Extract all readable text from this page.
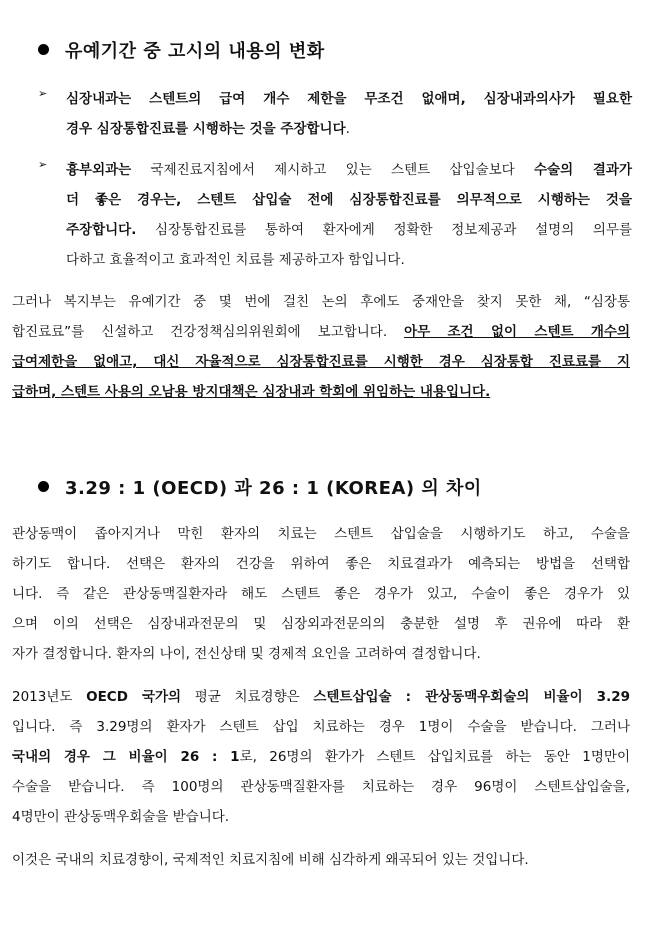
유예기간 중 고시의 내용의 변화
➢ 심장내과는 스텐트의 급여 개수 제한을 무조건 없애며, 심장내과의사가 필요한
경우 심장통합진료를 시행하는 것을 주장합니다.
➢ 흉부외과는 국제진료지침에서 제시하고 있는 스텐트 삽입술보다 수술의 결과가
더 좋은 경우는, 스텐트 삽입술 전에 심장통합진료를 의무적으로 시행하는 것을
주장합니다. 심장통합진료를 통하여 환자에게 정확한 정보제공과 설명의 의무를
다하고 효율적이고 효과적인 치료를 제공하고자 함입니다.
그러나 복지부는 유예기간 중 몇 번에 걸친 논의 후에도 중재안을 찾지 못한 채, “심장통
합진료료”를 신설하고 건강정책심의위원회에 보고합니다. 아무 조건 없이 스텐트 개수의
급여제한을 없애고, 대신 자율적으로 심장통합진료를 시행한 경우 심장통합 진료료를 지
급하며, 스텐트 사용의 오남용 방지대책은 심장내과 학회에 위임하는 내용입니다.
3.29 : 1 (OECD) 과 26 : 1 (KOREA) 의 차이
관상동맥이 좁아지거나 막힌 환자의 치료는 스텐트 삽입술을 시행하기도 하고, 수술을
하기도 합니다. 선택은 환자의 건강을 위하여 좋은 치료결과가 예측되는 방법을 선택합
니다. 즉 같은 관상동맥질환자라 해도 스텐트 좋은 경우가 있고, 수술이 좋은 경우가 있
으며 이의 선택은 심장내과전문의 및 심장외과전문의의 충분한 설명 후 권유에 따라 환
자가 결정합니다. 환자의 나이, 전신상태 및 경제적 요인을 고려하여 결정합니다.
2013년도 OECD 국가의 평균 치료경향은 스텐트삽입술 : 관상동맥우회술의 비율이 3.29
입니다. 즉 3.29명의 환자가 스텐트 삽입 치료하는 경우 1명이 수술을 받습니다. 그러나
국내의 경우 그 비율이 26 : 1로, 26명의 환가가 스텐트 삽입치료를 하는 동안 1명만이
수술을 받습니다. 즉 100명의 관상동맥질환자를 치료하는 경우 96명이 스텐트삽입술을,
4명만이 관상동맥우회술을 받습니다.
이것은 국내의 치료경향이, 국제적인 치료지침에 비해 심각하게 왜곡되어 있는 것입니다.
